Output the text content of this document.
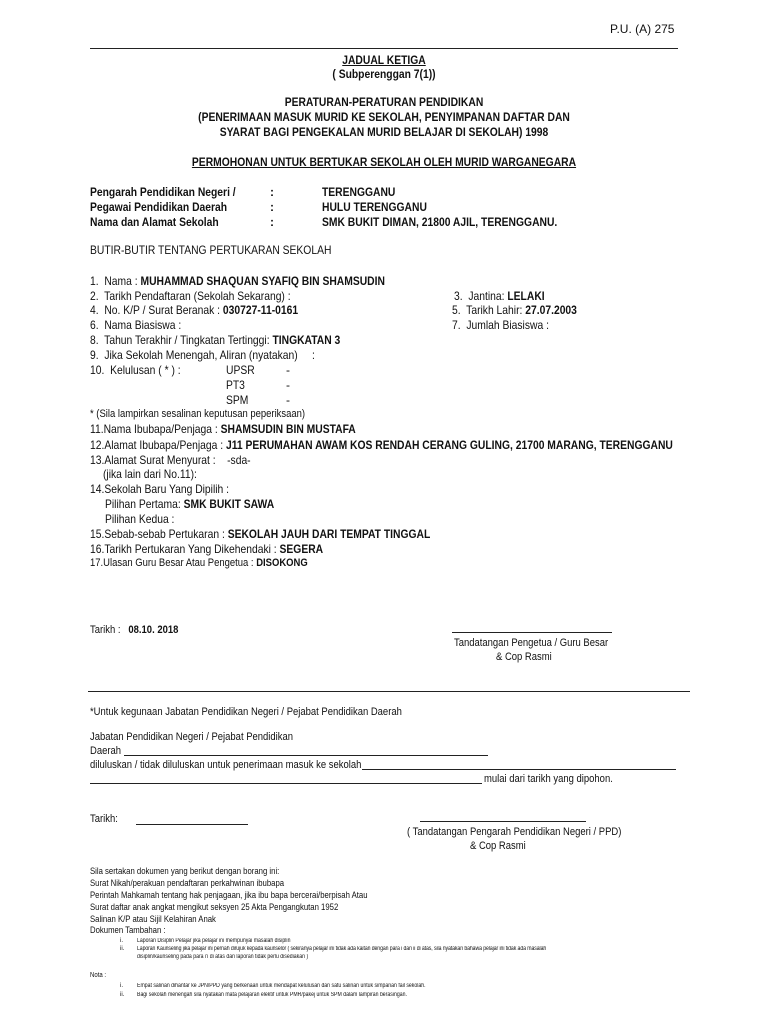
P.U. (A) 275
JADUAL KETIGA
( Subperenggan 7(1))
PERATURAN-PERATURAN PENDIDIKAN
(PENERIMAAN MASUK MURID KE SEKOLAH, PENYIMPANAN DAFTAR DAN
SYARAT BAGI PENGEKALAN MURID BELAJAR DI SEKOLAH) 1998
PERMOHONAN UNTUK BERTUKAR SEKOLAH OLEH MURID WARGANEGARA
Pengarah Pendidikan Negeri /	:	TERENGGANU
Pegawai Pendidikan Daerah	:	HULU TERENGGANU
Nama dan Alamat Sekolah	:	SMK BUKIT DIMAN, 21800 AJIL, TERENGGANU.
BUTIR-BUTIR TENTANG PERTUKARAN SEKOLAH
1. Nama : MUHAMMAD SHAQUAN SYAFIQ BIN SHAMSUDIN
2. Tarikh Pendaftaran (Sekolah Sekarang) :	3. Jantina: LELAKI
4. No. K/P / Surat Beranak : 030727-11-0161	5. Tarikh Lahir: 27.07.2003
6. Nama Biasiswa :	7. Jumlah Biasiswa :
8. Tahun Terakhir / Tingkatan Tertinggi: TINGKATAN 3
9. Jika Sekolah Menengah, Aliran (nyatakan) :
10. Kelulusan ( * ) :	UPSR	-
PT3	-
SPM	-
* (Sila lampirkan sesalinan keputusan peperiksaan)
11.Nama Ibubapa/Penjaga : SHAMSUDIN BIN MUSTAFA
12.Alamat Ibubapa/Penjaga : J11 PERUMAHAN AWAM KOS RENDAH CERANG GULING, 21700 MARANG, TERENGGANU
13.Alamat Surat Menyurat : -sda-
(jika lain dari No.11):
14.Sekolah Baru Yang Dipilih :
Pilihan Pertama: SMK BUKIT SAWA
Pilihan Kedua :
15.Sebab-sebab Pertukaran : SEKOLAH JAUH DARI TEMPAT TINGGAL
16.Tarikh Pertukaran Yang Dikehendaki : SEGERA
17.Ulasan Guru Besar Atau Pengetua : DISOKONG
Tarikh : 08.10. 2018
Tandatangan Pengetua / Guru Besar
& Cop Rasmi
*Untuk kegunaan Jabatan Pendidikan Negeri / Pejabat Pendidikan Daerah
Jabatan Pendidikan Negeri / Pejabat Pendidikan
Daerah
diluluskan / tidak diluluskan untuk penerimaan masuk ke sekolah
mulai dari tarikh yang dipohon.
Tarikh:
( Tandatangan Pengarah Pendidikan Negeri / PPD)
& Cop Rasmi
Sila sertakan dokumen yang berikut dengan borang ini:
Surat Nikah/perakuan pendaftaran perkahwinan ibubapa
Perintah Mahkamah tentang hak penjagaan, jika ibu bapa bercerai/berpisah Atau
Surat daftar anak angkat mengikut seksyen 25 Akta Pengangkutan 1952
Salinan K/P atau Sijil Kelahiran Anak
Dokumen Tambahan :
i. Laporan Disiplin Pelajar jika pelajar ini mempunyai masalah disiplin
ii. Laporan Kaunseling jika pelajar ini pernah dirujuk kepada kaunselor ( sekiranya pelajar ini tidak ada kaitan dengan para i dan ii di atas, sila nyatakan bahawa pelajar ini tidak ada masalah
disiplin/kaunseling pada para i'i di atas dan laporan tidak perlu disediakan )
Nota :
i. Empat salinan dihantar ke JPN/PPD yang berkenaan untuk mendapat kelulusan dan satu salinan untuk simpanan fail sekolah.
ii. Bagi sekolah menengah sila nyatakan mata pelajaran elektif untuk PMR/pakej untuk SPM dalam lampiran berasingan.
